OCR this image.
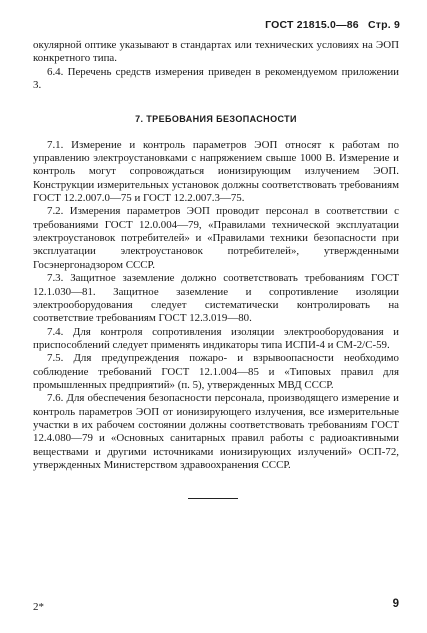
ГОСТ 21815.0—86 Стр. 9

окулярной оптике указывают в стандартах или технических условиях на ЭОП конкретного типа.

6.4. Перечень средств измерения приведен в рекомендуемом приложении 3.

7. ТРЕБОВАНИЯ БЕЗОПАСНОСТИ

7.1. Измерение и контроль параметров ЭОП относят к работам по управлению электроустановками с напряжением свыше 1000 В. Измерение и контроль могут сопровождаться ионизирующим излучением ЭОП. Конструкции измерительных установок должны соответствовать требованиям ГОСТ 12.2.007.0—75 и ГОСТ 12.2.007.3—75.

7.2. Измерения параметров ЭОП проводит персонал в соответствии с требованиями ГОСТ 12.0.004—79, «Правилами технической эксплуатации электроустановок потребителей» и «Правилами техники безопасности при эксплуатации электроустановок потребителей», утвержденными Госэнергонадзором СССР.

7.3. Защитное заземление должно соответствовать требованиям ГОСТ 12.1.030—81. Защитное заземление и сопротивление изоляции электрооборудования следует систематически контролировать на соответствие требованиям ГОСТ 12.3.019—80.

7.4. Для контроля сопротивления изоляции электрооборудования и приспособлений следует применять индикаторы типа ИСПИ-4 и СМ-2/С-59.

7.5. Для предупреждения пожаро- и взрывоопасности необходимо соблюдение требований ГОСТ 12.1.004—85 и «Типовых правил для промышленных предприятий» (п. 5), утвержденных МВД СССР.

7.6. Для обеспечения безопасности персонала, производящего измерение и контроль параметров ЭОП от ионизирующего излучения, все измерительные участки в их рабочем состоянии должны соответствовать требованиям ГОСТ 12.4.080—79 и «Основных санитарных правил работы с радиоактивными веществами и другими источниками ионизирующих излучений» ОСП-72, утвержденных Министерством здравоохранения СССР.

2*	9
